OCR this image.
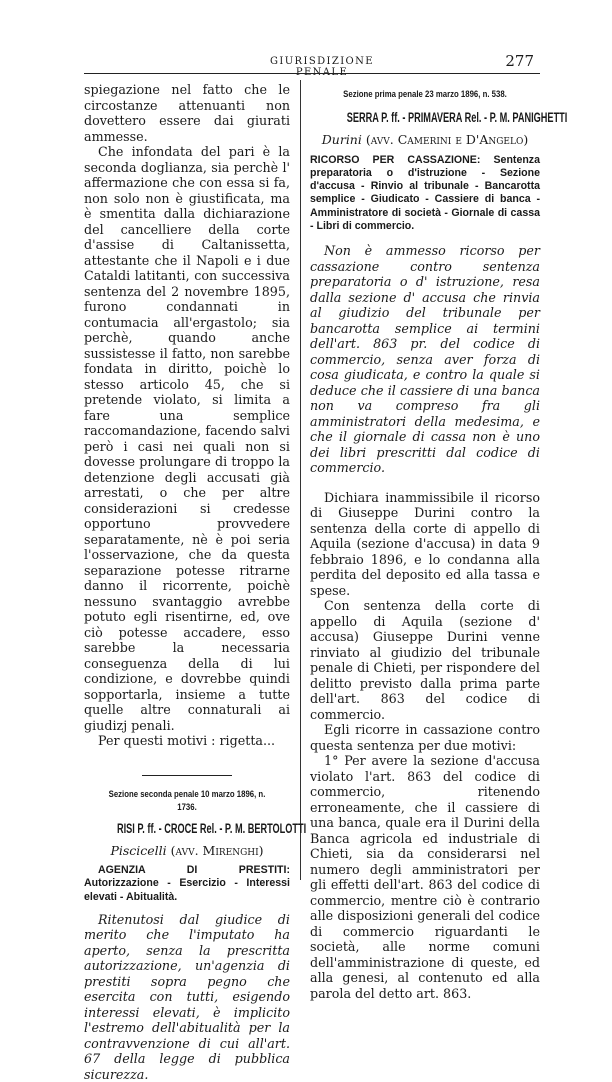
GIURISDIZIONE PENALE
277

spiegazione nel fatto che le circostanze attenuanti non dovettero essere dai giurati ammesse.

Che infondata del pari è la seconda doglianza, sia perchè l' affermazione che con essa si fa, non solo non è giustificata, ma è smentita dalla dichiarazione del cancelliere della corte d'assise di Caltanissetta, attestante che il Napoli e i due Cataldi latitanti, con successiva sentenza del 2 novembre 1895, furono condannati in contumacia all'ergastolo; sia perchè, quando anche sussistesse il fatto, non sarebbe fondata in diritto, poichè lo stesso articolo 45, che si pretende violato, si limita a fare una semplice raccomandazione, facendo salvi però i casi nei quali non si dovesse prolungare di troppo la detenzione degli accusati già arrestati, o che per altre considerazioni si credesse opportuno provvedere separatamente, nè è poi seria l'osservazione, che da questa separazione potesse ritrarne danno il ricorrente, poichè nessuno svantaggio avrebbe potuto egli risentirne, ed, ove ciò potesse accadere, esso sarebbe la necessaria conseguenza della di lui condizione, e dovrebbe quindi sopportarla, insieme a tutte quelle altre connaturali ai giudizj penali.

Per questi motivi : rigetta...

Sezione seconda penale 10 marzo 1896, n. 1736.
RISI P. ff. - CROCE Rel. - P. M. BERTOLOTTI
Piscicelli (avv. Mirenghi)
AGENZIA DI PRESTITI: Autorizzazione - Esercizio - Interessi elevati - Abitualità.

Ritenutosi dal giudice di merito che l'imputato ha aperto, senza la prescritta autorizzazione, un'agenzia di prestiti sopra pegno che esercita con tutti, esigendo interessi elevati, è implicito l'estremo dell'abitualità per la contravvenzione di cui all'art. 67 della legge di pubblica sicurezza.

Sezione prima penale 23 marzo 1896, n. 538.
SERRA P. ff. - PRIMAVERA Rel. - P. M. PANIGHETTI
Durini (avv. Camerini e D'Angelo)
RICORSO PER CASSAZIONE: Sentenza preparatoria o d'istruzione - Sezione d'accusa - Rinvio al tribunale - Bancarotta semplice - Giudicato - Cassiere di banca - Amministratore di società - Giornale di cassa - Libri di commercio.

Non è ammesso ricorso per cassazione contro sentenza preparatoria o d' istruzione, resa dalla sezione d' accusa che rinvia al giudizio del tribunale per bancarotta semplice ai termini dell'art. 863 pr. del codice di commercio, senza aver forza di cosa giudicata, e contro la quale si deduce che il cassiere di una banca non va compreso fra gli amministratori della medesima, e che il giornale di cassa non è uno dei libri prescritti dal codice di commercio.

Dichiara inammissibile il ricorso di Giuseppe Durini contro la sentenza della corte di appello di Aquila (sezione d'accusa) in data 9 febbraio 1896, e lo condanna alla perdita del deposito ed alla tassa e spese.

Con sentenza della corte di appello di Aquila (sezione d' accusa) Giuseppe Durini venne rinviato al giudizio del tribunale penale di Chieti, per rispondere del delitto previsto dalla prima parte dell'art. 863 del codice di commercio.

Egli ricorre in cassazione contro questa sentenza per due motivi:

1° Per avere la sezione d'accusa violato l'art. 863 del codice di commercio, ritenendo erroneamente, che il cassiere di una banca, quale era il Durini della Banca agricola ed industriale di Chieti, sia da considerarsi nel numero degli amministratori per gli effetti dell'art. 863 del codice di commercio, mentre ciò è contrario alle disposizioni generali del codice di commercio riguardanti le società, alle norme comuni dell'amministrazione di queste, ed alla genesi, al contenuto ed alla parola del detto art. 863.
